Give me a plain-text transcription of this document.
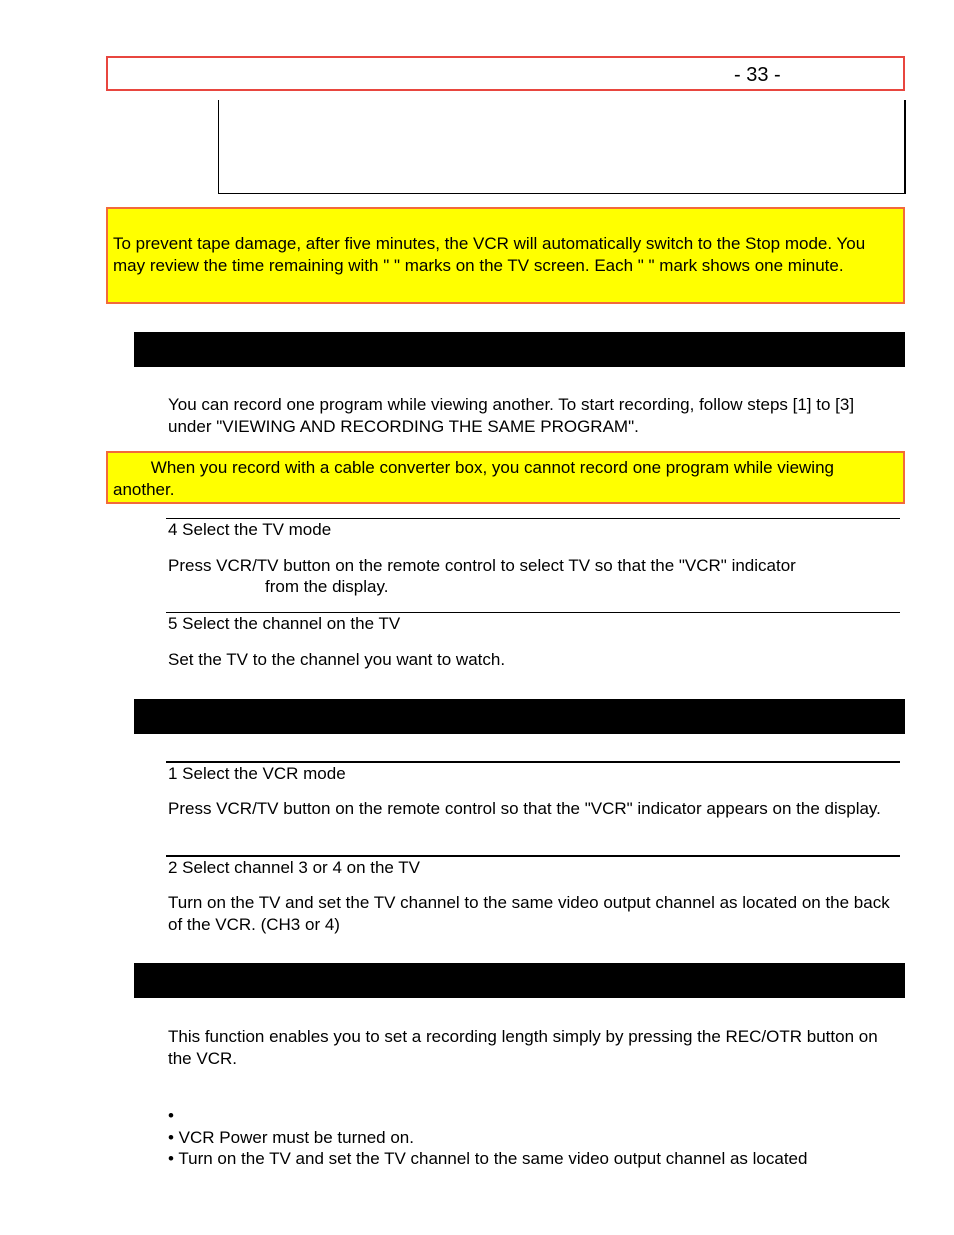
- 33 -
To prevent tape damage, after five minutes, the VCR will automatically switch to the Stop mode. You may review the time remaining with " " marks on the TV screen. Each " " mark shows one minute.
You can record one program while viewing another. To start recording, follow steps [1] to [3] under "VIEWING AND RECORDING THE SAME PROGRAM".
When you record with a cable converter box, you cannot record one program while viewing another.
4 Select the TV mode
Press VCR/TV button on the remote control to select TV so that the "VCR" indicator
from the display.
5 Select the channel on the TV
Set the TV to the channel you want to watch.
1 Select the VCR mode
Press VCR/TV button on the remote control so that the "VCR" indicator appears on the display.
2 Select channel 3 or 4 on the TV
Turn on the TV and set the TV channel to the same video output channel as located on the back of the VCR. (CH3 or 4)
This function enables you to set a recording length simply by pressing the REC/OTR button on the VCR.
•
• VCR Power must be turned on.
• Turn on the TV and set the TV channel to the same video output channel as located
